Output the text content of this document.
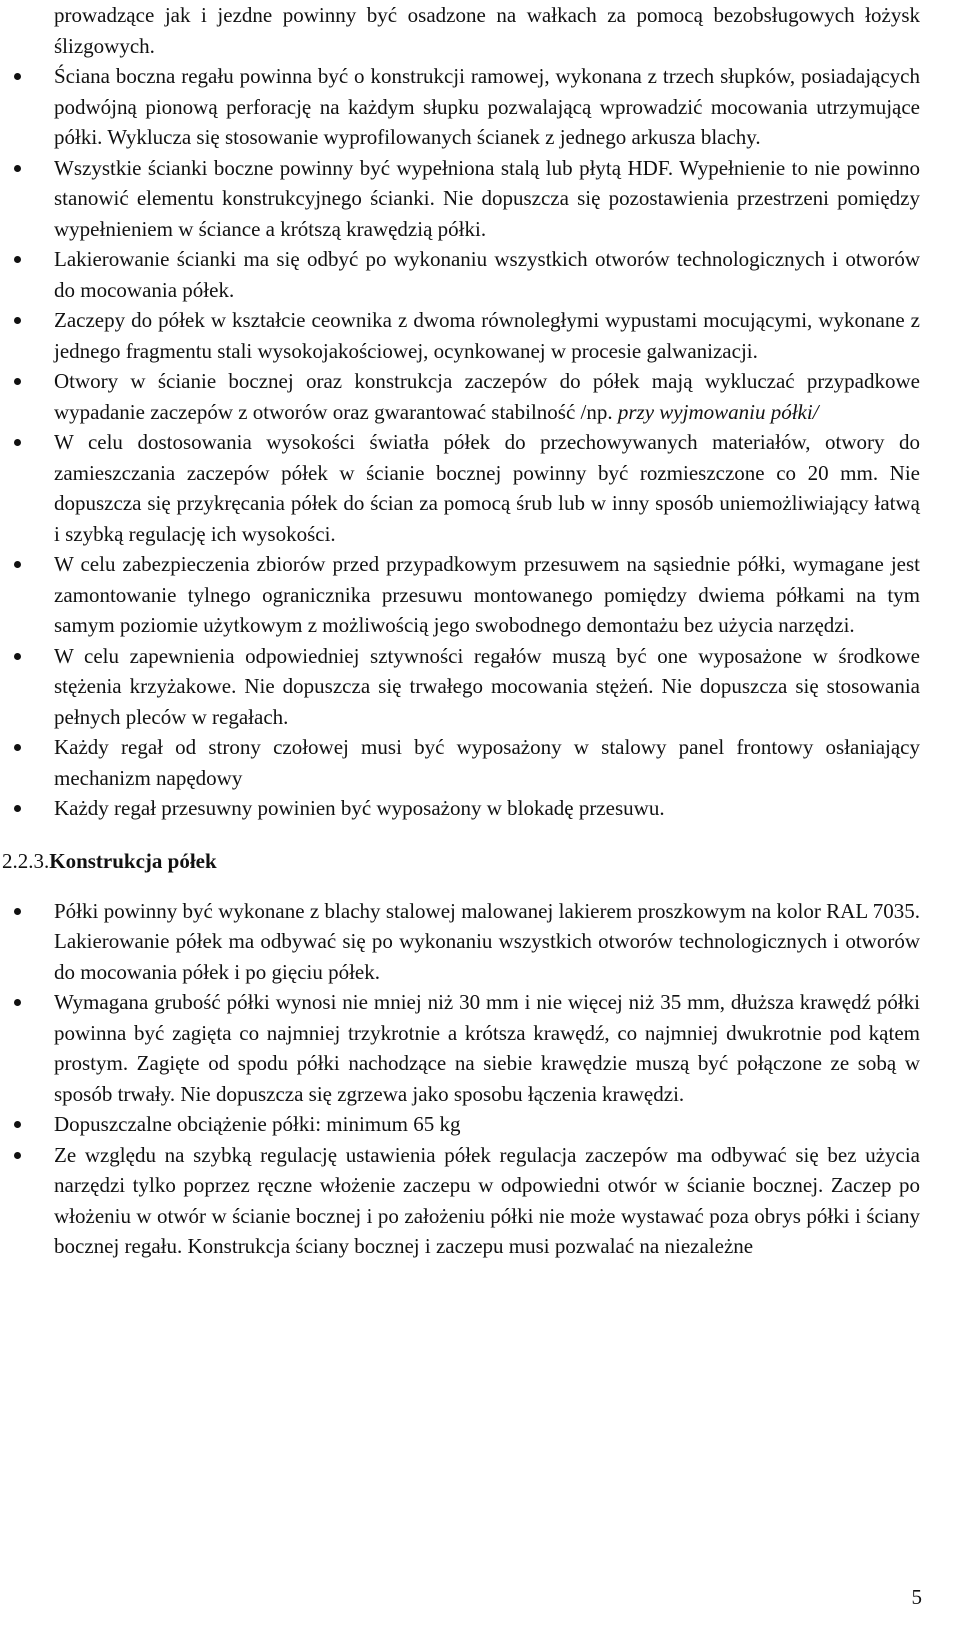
prowadzące jak i jezdne powinny być osadzone na wałkach za pomocą bezobsługowych łożysk ślizgowych.

Ściana boczna regału powinna być o konstrukcji ramowej, wykonana z trzech słupków, posiadających podwójną pionową perforację na każdym słupku pozwalającą wprowadzić mocowania utrzymujące półki. Wyklucza się stosowanie wyprofilowanych ścianek z jednego arkusza blachy.
Wszystkie ścianki boczne powinny być wypełniona stalą lub płytą HDF. Wypełnienie to nie powinno stanowić elementu konstrukcyjnego ścianki. Nie dopuszcza się pozostawienia przestrzeni pomiędzy wypełnieniem w ściance a krótszą krawędzią półki.
Lakierowanie ścianki ma się odbyć po wykonaniu wszystkich otworów technologicznych i otworów do mocowania półek.
Zaczepy do półek w kształcie ceownika z dwoma równoległymi wypustami mocującymi, wykonane z jednego fragmentu stali wysokojakościowej, ocynkowanej w procesie galwanizacji.
Otwory w ścianie bocznej oraz konstrukcja zaczepów do półek mają wykluczać przypadkowe wypadanie zaczepów z otworów oraz gwarantować stabilność /np. przy wyjmowaniu półki/
W celu dostosowania wysokości światła półek do przechowywanych materiałów, otwory do zamieszczania zaczepów półek w ścianie bocznej powinny być rozmieszczone co 20 mm. Nie dopuszcza się przykręcania półek do ścian za pomocą śrub lub w inny sposób uniemożliwiający łatwą i szybką regulację ich wysokości.
W celu zabezpieczenia zbiorów przed przypadkowym przesuwem na sąsiednie półki, wymagane jest zamontowanie tylnego ogranicznika przesuwu montowanego pomiędzy dwiema półkami na tym samym poziomie użytkowym z możliwością jego swobodnego demontażu bez użycia narzędzi.
W celu zapewnienia odpowiedniej sztywności regałów muszą być one wyposażone w środkowe stężenia krzyżakowe. Nie dopuszcza się trwałego mocowania stężeń. Nie dopuszcza się stosowania pełnych pleców w regałach.
Każdy regał od strony czołowej musi być wyposażony w stalowy panel frontowy osłaniający mechanizm napędowy
Każdy regał przesuwny powinien być wyposażony w blokadę przesuwu.
2.2.3.Konstrukcja półek
Półki powinny być wykonane z blachy stalowej malowanej lakierem proszkowym na kolor RAL 7035. Lakierowanie półek ma odbywać się po wykonaniu wszystkich otworów technologicznych i otworów do mocowania półek i po gięciu półek.
Wymagana grubość półki wynosi nie mniej niż 30 mm i nie więcej niż 35 mm, dłuższa krawędź półki powinna być zagięta co najmniej trzykrotnie a krótsza krawędź, co najmniej dwukrotnie pod kątem prostym. Zagięte od spodu półki nachodzące na siebie krawędzie muszą być połączone ze sobą w sposób trwały. Nie dopuszcza się zgrzewa jako sposobu łączenia krawędzi.
Dopuszczalne obciążenie półki: minimum 65 kg
Ze względu na szybką regulację ustawienia półek regulacja zaczepów ma odbywać się bez użycia narzędzi tylko poprzez ręczne włożenie zaczepu w odpowiedni otwór w ścianie bocznej. Zaczep po włożeniu w otwór w ścianie bocznej i po założeniu półki nie może wystawać poza obrys półki i ściany bocznej regału. Konstrukcja ściany bocznej i zaczepu musi pozwalać na niezależne
5
